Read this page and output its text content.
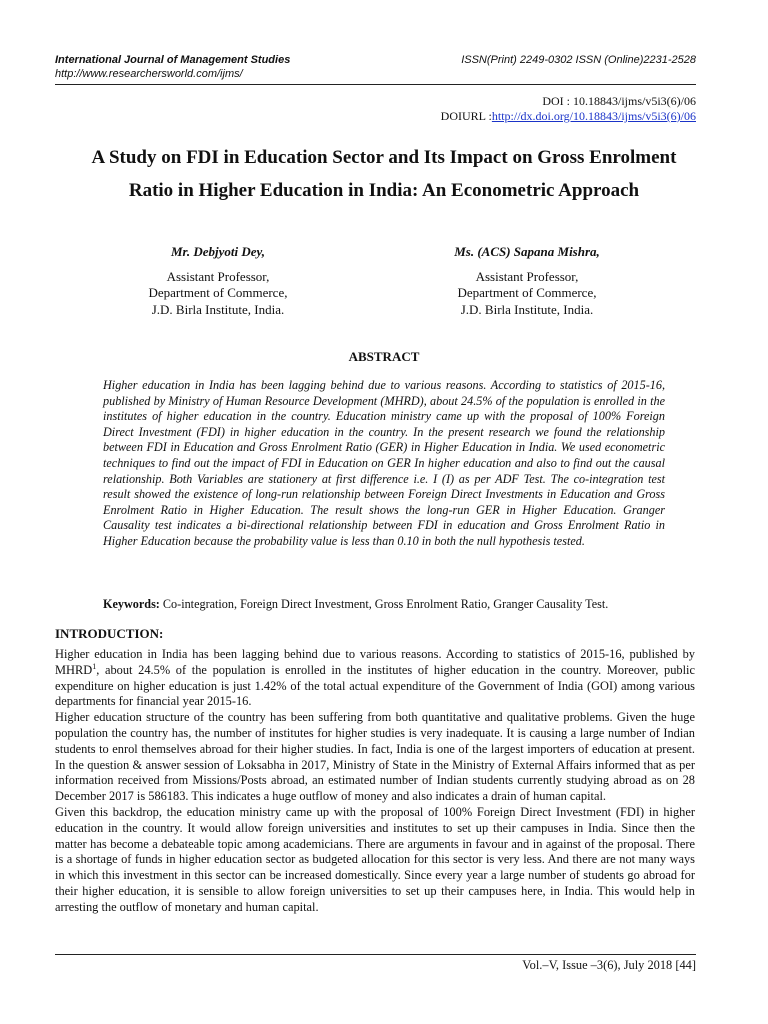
International Journal of Management Studies
http://www.researchersworld.com/ijms/
ISSN(Print) 2249-0302 ISSN (Online)2231-2528
DOI : 10.18843/ijms/v5i3(6)/06
DOIURL :http://dx.doi.org/10.18843/ijms/v5i3(6)/06
A Study on FDI in Education Sector and Its Impact on Gross Enrolment
Ratio in Higher Education in India: An Econometric Approach
Mr. Debjyoti Dey,
Assistant Professor,
Department of Commerce,
J.D. Birla Institute, India.
Ms. (ACS) Sapana Mishra,
Assistant Professor,
Department of Commerce,
J.D. Birla Institute, India.
ABSTRACT
Higher education in India has been lagging behind due to various reasons. According to statistics of 2015-16, published by Ministry of Human Resource Development (MHRD), about 24.5% of the population is enrolled in the institutes of higher education in the country. Education ministry came up with the proposal of 100% Foreign Direct Investment (FDI) in higher education in the country. In the present research we found the relationship between FDI in Education and Gross Enrolment Ratio (GER) in Higher Education in India. We used econometric techniques to find out the impact of FDI in Education on GER In higher education and also to find out the causal relationship. Both Variables are stationery at first difference i.e. I (I) as per ADF Test. The co-integration test result showed the existence of long-run relationship between Foreign Direct Investments in Education and Gross Enrolment Ratio in Higher Education. The result shows the long-run GER in Higher Education. Granger Causality test indicates a bi-directional relationship between FDI in education and Gross Enrolment Ratio in Higher Education because the probability value is less than 0.10 in both the null hypothesis tested.
Keywords: Co-integration, Foreign Direct Investment, Gross Enrolment Ratio, Granger Causality Test.
INTRODUCTION:

Higher education in India has been lagging behind due to various reasons. According to statistics of 2015-16, published by MHRD$^1$, about 24.5% of the population is enrolled in the institutes of higher education in the country. Moreover, public expenditure on higher education is just 1.42% of the total actual expenditure of the Government of India (GOI) among various departments for financial year 2015-16.

Higher education structure of the country has been suffering from both quantitative and qualitative problems. Given the huge population the country has, the number of institutes for higher studies is very inadequate. It is causing a large number of Indian students to enrol themselves abroad for their higher studies. In fact, India is one of the largest importers of education at present. In the question & answer session of Loksabha in 2017, Ministry of State in the Ministry of External Affairs informed that as per information received from Missions/Posts abroad, an estimated number of Indian students currently studying abroad as on 28 December 2017 is 586183. This indicates a huge outflow of money and also indicates a drain of human capital.

Given this backdrop, the education ministry came up with the proposal of 100% Foreign Direct Investment (FDI) in higher education in the country. It would allow foreign universities and institutes to set up their campuses in India. Since then the matter has become a debateable topic among academicians. There are arguments in favour and in against of the proposal. There is a shortage of funds in higher education sector as budgeted allocation for this sector is very less. And there are not many ways in which this investment in this sector can be increased domestically. Since every year a large number of students go abroad for their higher education, it is sensible to allow foreign universities to set up their campuses here, in India. This would help in arresting the outflow of monetary and human capital.

Vol.–V, Issue –3(6), July 2018 [44]
